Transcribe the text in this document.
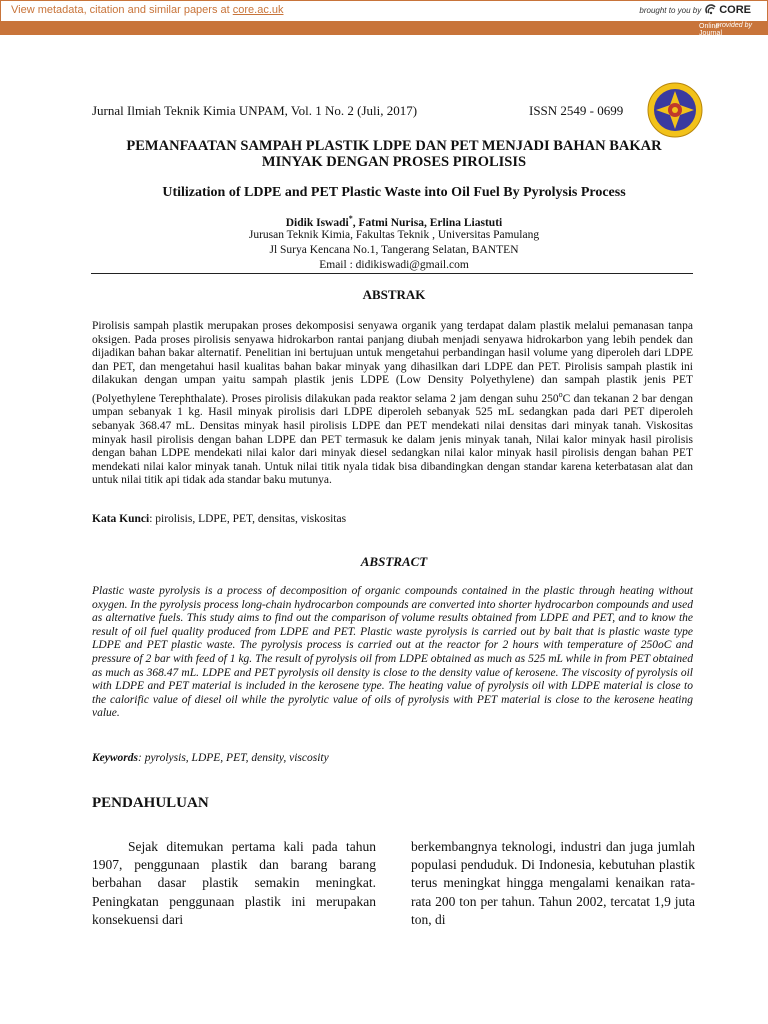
View metadata, citation and similar papers at core.ac.uk	brought to you by CORE
provided by
Online Journal Systems UNPAM (Universitas Pamulang)
Jurnal Ilmiah Teknik Kimia UNPAM, Vol. 1 No. 2 (Juli, 2017)	ISSN 2549 - 0699
PEMANFAATAN SAMPAH PLASTIK LDPE DAN PET MENJADI BAHAN BAKAR
MINYAK DENGAN PROSES PIROLISIS
Utilization of LDPE and PET Plastic Waste into Oil Fuel By Pyrolysis Process
Didik Iswadi*, Fatmi Nurisa, Erlina Liastuti
Jurusan Teknik Kimia, Fakultas Teknik , Universitas Pamulang
Jl Surya Kencana No.1, Tangerang Selatan, BANTEN
Email : didikiswadi@gmail.com
ABSTRAK
Pirolisis sampah plastik merupakan proses dekomposisi senyawa organik yang terdapat dalam plastik melalui pemanasan tanpa oksigen. Pada proses pirolisis senyawa hidrokarbon rantai panjang diubah menjadi senyawa hidrokarbon yang lebih pendek dan dijadikan bahan bakar alternatif. Penelitian ini bertujuan untuk mengetahui perbandingan hasil volume yang diperoleh dari LDPE dan PET, dan mengetahui hasil kualitas bahan bakar minyak yang dihasilkan dari LDPE dan PET. Pirolisis sampah plastik ini dilakukan dengan umpan yaitu sampah plastik jenis LDPE (Low Density Polyethylene) dan sampah plastik jenis PET (Polyethylene Terephthalate). Proses pirolisis dilakukan pada reaktor selama 2 jam dengan suhu 250$^o$C dan tekanan 2 bar dengan umpan sebanyak 1 kg. Hasil minyak pirolisis dari LDPE diperoleh sebanyak 525 mL sedangkan pada dari PET diperoleh sebanyak 368.47 mL. Densitas minyak hasil pirolisis LDPE dan PET mendekati nilai densitas dari minyak tanah. Viskositas minyak hasil pirolisis dengan bahan LDPE dan PET termasuk ke dalam jenis minyak tanah, Nilai kalor minyak hasil pirolisis dengan bahan LDPE mendekati nilai kalor dari minyak diesel sedangkan nilai kalor minyak hasil pirolisis dengan bahan PET mendekati nilai kalor minyak tanah. Untuk nilai titik nyala tidak bisa dibandingkan dengan standar karena keterbatasan alat dan untuk nilai titik api tidak ada standar baku mutunya.
Kata Kunci: pirolisis, LDPE, PET, densitas, viskositas
ABSTRACT
Plastic waste pyrolysis is a process of decomposition of organic compounds contained in the plastic through heating without oxygen. In the pyrolysis process long-chain hydrocarbon compounds are converted into shorter hydrocarbon compounds and used as alternative fuels. This study aims to find out the comparison of volume results obtained from LDPE and PET, and to know the result of oil fuel quality produced from LDPE and PET. Plastic waste pyrolysis is carried out by bait that is plastic waste type LDPE and PET plastic waste. The pyrolysis process is carried out at the reactor for 2 hours with temperature of 250oC and pressure of 2 bar with feed of 1 kg. The result of pyrolysis oil from LDPE obtained as much as 525 mL while in from PET obtained as much as 368.47 mL. LDPE and PET pyrolysis oil density is close to the density value of kerosene. The viscosity of pyrolysis oil with LDPE and PET material is included in the kerosene type. The heating value of pyrolysis oil with LDPE material is close to the calorific value of diesel oil while the pyrolytic value of oils of pyrolysis with PET material is close to the kerosene heating value.
Keywords: pyrolysis, LDPE, PET, density, viscosity
PENDAHULUAN
Sejak ditemukan pertama kali pada tahun 1907, penggunaan plastik dan barang barang berbahan dasar plastik semakin meningkat. Peningkatan penggunaan plastik ini merupakan konsekuensi dari
berkembangnya teknologi, industri dan juga jumlah populasi penduduk. Di Indonesia, kebutuhan plastik terus meningkat hingga mengalami kenaikan rata-rata 200 ton per tahun. Tahun 2002, tercatat 1,9 juta ton, di
